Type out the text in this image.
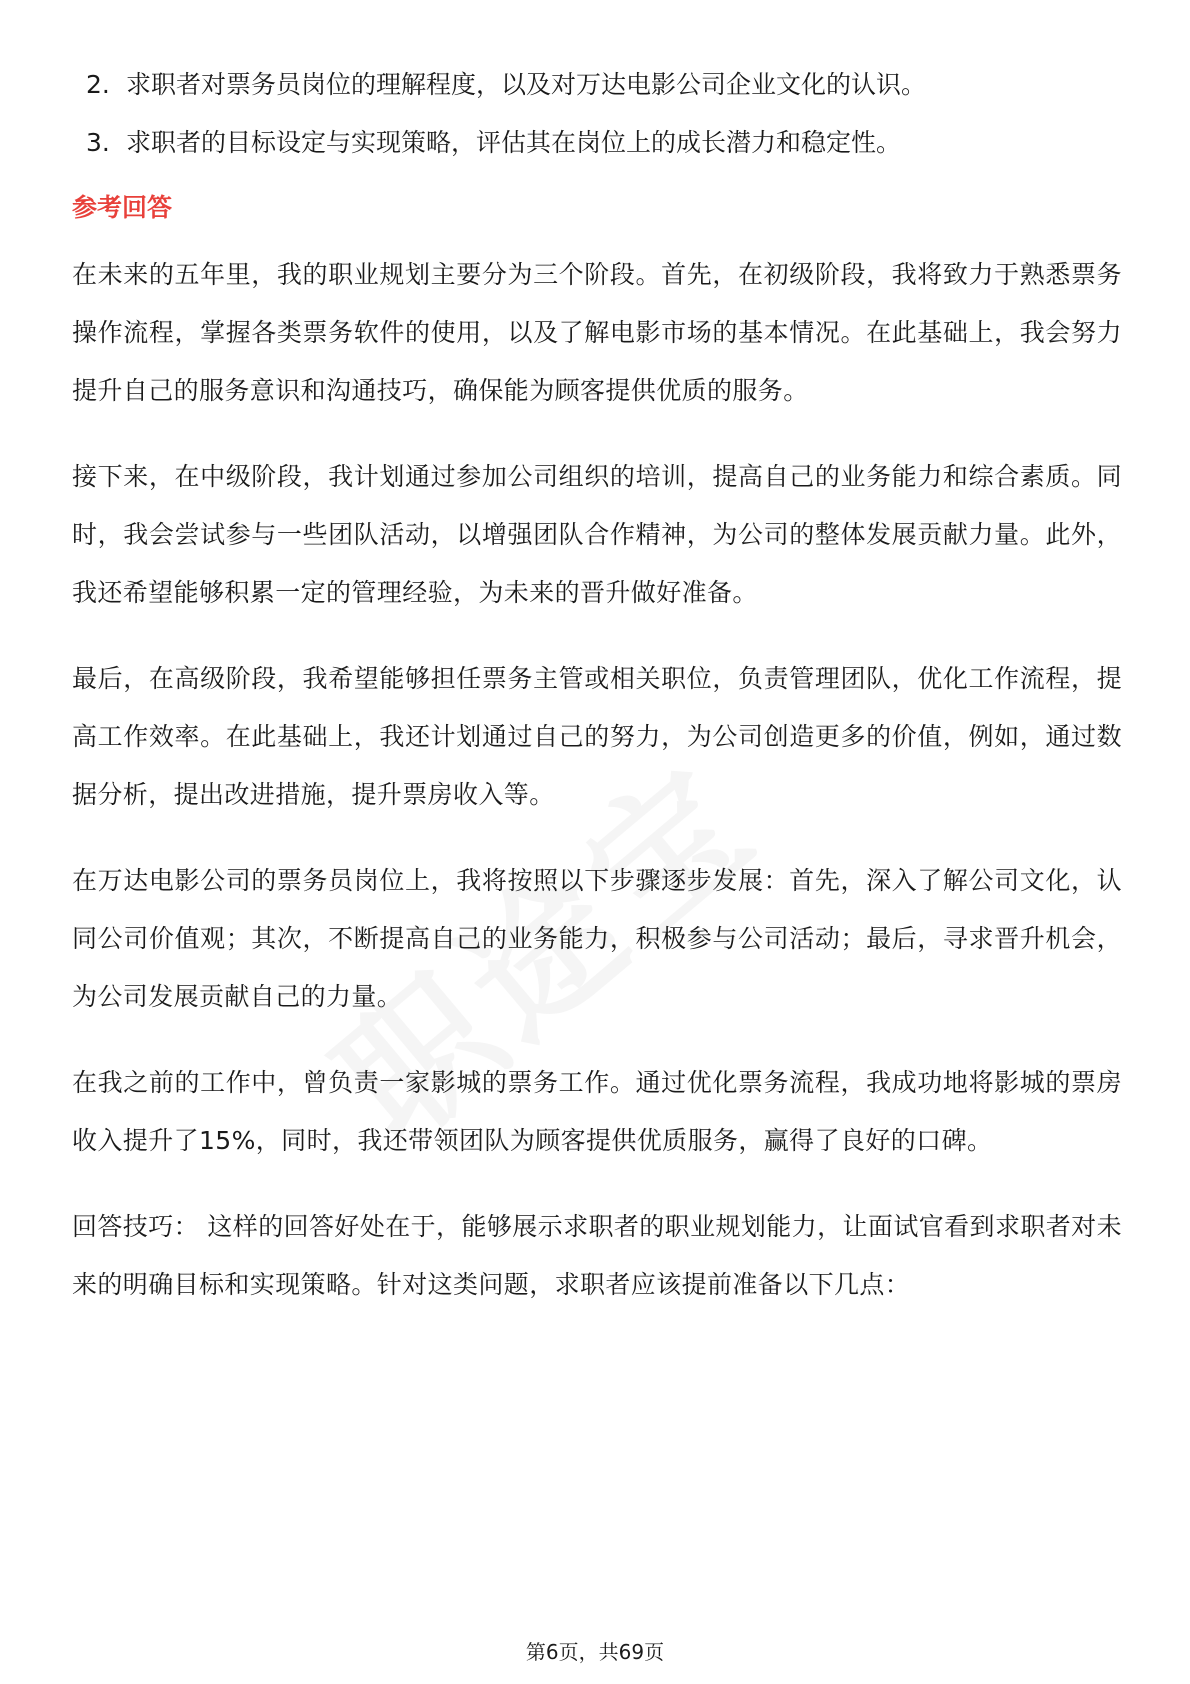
2. 求职者对票务员岗位的理解程度，以及对万达电影公司企业文化的认识。
3. 求职者的目标设定与实现策略，评估其在岗位上的成长潜力和稳定性。
参考回答

在未来的五年里，我的职业规划主要分为三个阶段。首先，在初级阶段，我将致力于熟悉票务操作流程，掌握各类票务软件的使用，以及了解电影市场的基本情况。在此基础上，我会努力提升自己的服务意识和沟通技巧，确保能为顾客提供优质的服务。

接下来，在中级阶段，我计划通过参加公司组织的培训，提高自己的业务能力和综合素质。同时，我会尝试参与一些团队活动，以增强团队合作精神，为公司的整体发展贡献力量。此外，我还希望能够积累一定的管理经验，为未来的晋升做好准备。

最后，在高级阶段，我希望能够担任票务主管或相关职位，负责管理团队，优化工作流程，提高工作效率。在此基础上，我还计划通过自己的努力，为公司创造更多的价值，例如，通过数据分析，提出改进措施，提升票房收入等。

在万达电影公司的票务员岗位上，我将按照以下步骤逐步发展：首先，深入了解公司文化，认同公司价值观；其次，不断提高自己的业务能力，积极参与公司活动；最后，寻求晋升机会，为公司发展贡献自己的力量。

在我之前的工作中，曾负责一家影城的票务工作。通过优化票务流程，我成功地将影城的票房收入提升了15%，同时，我还带领团队为顾客提供优质服务，赢得了良好的口碑。

回答技巧： 这样的回答好处在于，能够展示求职者的职业规划能力，让面试官看到求职者对未来的明确目标和实现策略。针对这类问题，求职者应该提前准备以下几点：

第6页，共69页
